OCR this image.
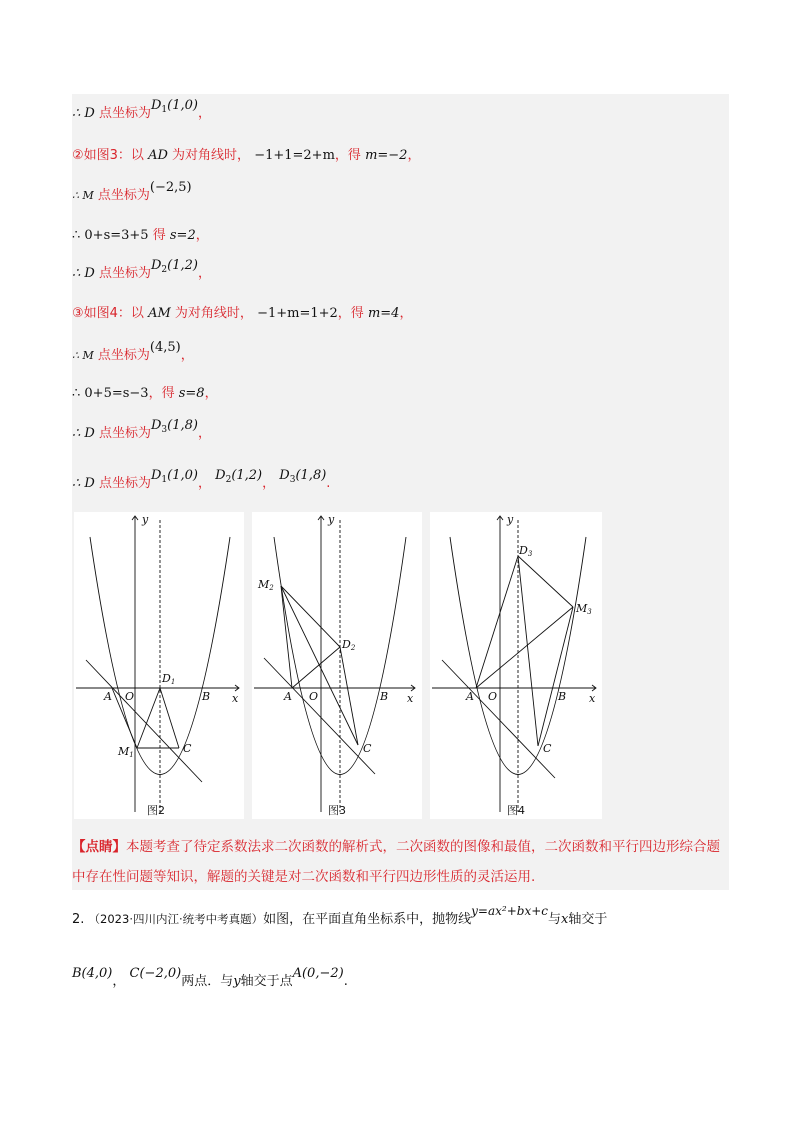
∴ D 点坐标为$D_1(1,0)$，
②如图3：以 AD 为对角线时， −1+1=2+m，得 m=−2，
∴ M 点坐标为(−2,5)
∴ 0+s=3+5 得 s=2，
∴ D 点坐标为$D_2(1,2)$，
③如图4：以 AM 为对角线时， −1+m=1+2，得 m=4，
∴ M 点坐标为(4,5)，
∴ 0+5=s−3，得 s=8，
∴ D 点坐标为$D_3(1,8)$，
∴ D 点坐标为$D_1(1,0)$， $D_2(1,2)$， $D_3(1,8)$.
y
x
A O	B
C
D1
M1
图2
y
x
A O	B
C
D2
M2
图3
y
x
A O	B
C
D3
M3
图4
【点睛】本题考查了待定系数法求二次函数的解析式，二次函数的图像和最值，二次函数和平行四边形综合题中存在性问题等知识，解题的关键是对二次函数和平行四边形性质的灵活运用.
2. （2023·四川内江·统考中考真题）如图，在平面直角坐标系中，抛物线y=ax²+bx+c与x轴交于
B(4,0)， C(−2,0)两点．与y轴交于点A(0,−2).
